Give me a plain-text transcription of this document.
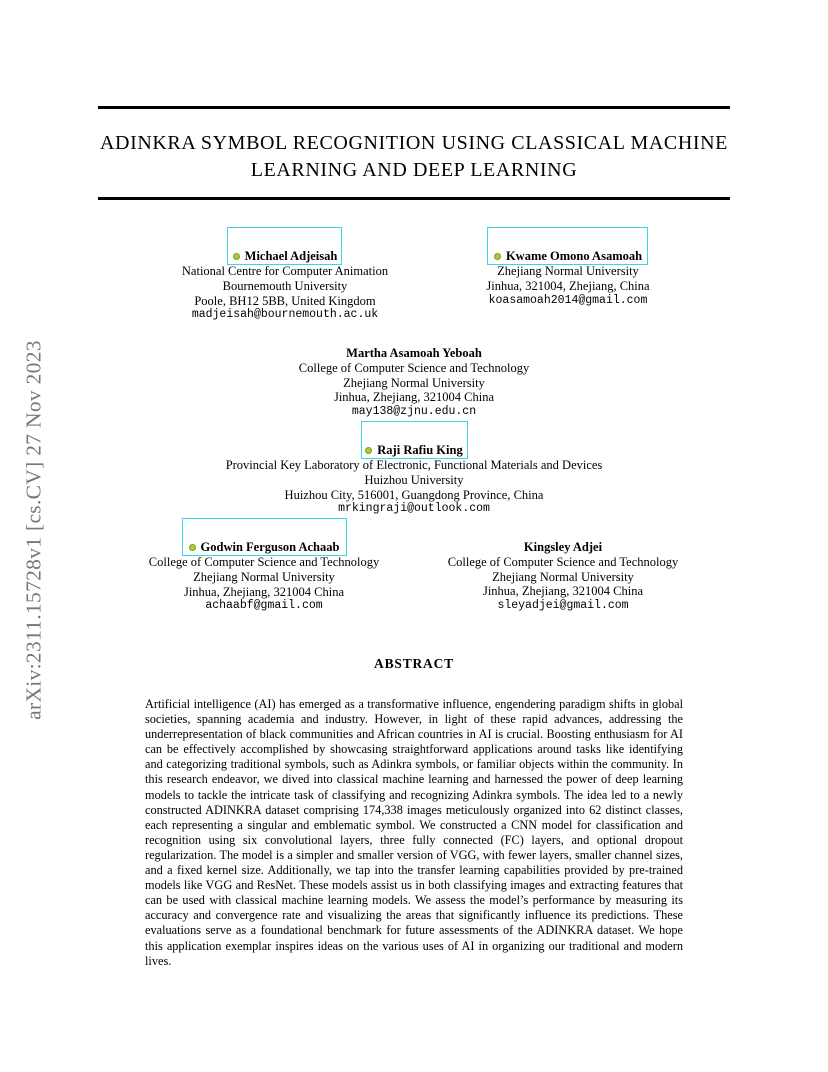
arXiv:2311.15728v1 [cs.CV] 27 Nov 2023
ADINKRA SYMBOL RECOGNITION USING CLASSICAL MACHINE
LEARNING AND DEEP LEARNING
Michael Adjeisah
National Centre for Computer Animation
Bournemouth University
Poole, BH12 5BB, United Kingdom
madjeisah@bournemouth.ac.uk
Kwame Omono Asamoah
Zhejiang Normal University
Jinhua, 321004, Zhejiang, China
koasamoah2014@gmail.com
Martha Asamoah Yeboah
College of Computer Science and Technology
Zhejiang Normal University
Jinhua, Zhejiang, 321004 China
may138@zjnu.edu.cn
Raji Rafiu King
Provincial Key Laboratory of Electronic, Functional Materials and Devices
Huizhou University
Huizhou City, 516001, Guangdong Province, China
mrkingraji@outlook.com
Godwin Ferguson Achaab
College of Computer Science and Technology
Zhejiang Normal University
Jinhua, Zhejiang, 321004 China
achaabf@gmail.com
Kingsley Adjei
College of Computer Science and Technology
Zhejiang Normal University
Jinhua, Zhejiang, 321004 China
sleyadjei@gmail.com
ABSTRACT
Artificial intelligence (AI) has emerged as a transformative influence, engendering paradigm shifts in global societies, spanning academia and industry. However, in light of these rapid advances, addressing the underrepresentation of black communities and African countries in AI is crucial. Boosting enthusiasm for AI can be effectively accomplished by showcasing straightforward applications around tasks like identifying and categorizing traditional symbols, such as Adinkra symbols, or familiar objects within the community. In this research endeavor, we dived into classical machine learning and harnessed the power of deep learning models to tackle the intricate task of classifying and recognizing Adinkra symbols. The idea led to a newly constructed ADINKRA dataset comprising 174,338 images meticulously organized into 62 distinct classes, each representing a singular and emblematic symbol. We constructed a CNN model for classification and recognition using six convolutional layers, three fully connected (FC) layers, and optional dropout regularization. The model is a simpler and smaller version of VGG, with fewer layers, smaller channel sizes, and a fixed kernel size. Additionally, we tap into the transfer learning capabilities provided by pre-trained models like VGG and ResNet. These models assist us in both classifying images and extracting features that can be used with classical machine learning models. We assess the model’s performance by measuring its accuracy and convergence rate and visualizing the areas that significantly influence its predictions. These evaluations serve as a foundational benchmark for future assessments of the ADINKRA dataset. We hope this application exemplar inspires ideas on the various uses of AI in organizing our traditional and modern lives.
